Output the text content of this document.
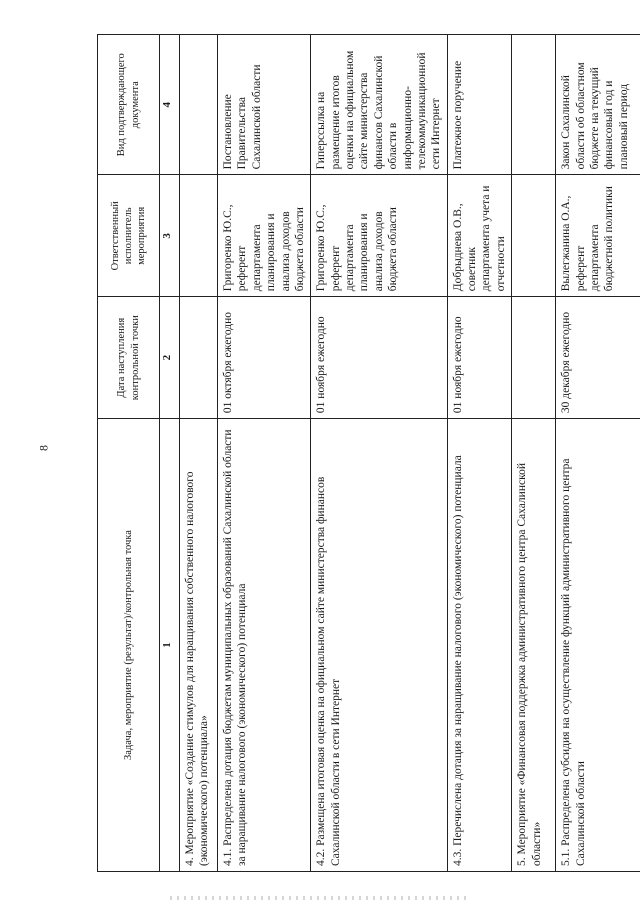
8
Задача, мероприятие (результат)/контрольная точка	Дата наступления контрольной точки	Ответственный исполнитель мероприятия	Вид подтверждающего документа
1	2	3	4
4. Мероприятие «Создание стимулов для наращивания собственного налогового (экономического) потенциала»			
4.1. Распределена дотация бюджетам муниципальных образований Сахалинской области за наращивание налогового (экономического) потенциала	01 октября ежегодно	Григоренко Ю.С., референт департамента планирования и анализа доходов бюджета области	Постановление Правительства Сахалинской области
4.2. Размещена итоговая оценка на официальном сайте министерства финансов Сахалинской области в сети Интернет	01 ноября ежегодно	Григоренко Ю.С., референт департамента планирования и анализа доходов бюджета области	Гиперссылка на размещение итогов оценки на официальном сайте министерства финансов Сахалинской области в информационно-телекоммуникационной сети Интернет
4.3. Перечислена дотация за наращивание налогового (экономического) потенциала	01 ноября ежегодно	Добрыднева О.В., советник департамента учета и отчетности	Платежное поручение
5. Мероприятие «Финансовая поддержка административного центра Сахалинской области»			
5.1. Распределена субсидия на осуществление функций административного центра Сахалинской области	30 декабря ежегодно	Вылегжанина О.А., референт департамента бюджетной политики	Закон Сахалинской области об областном бюджете на текущий финансовый год и плановый период
